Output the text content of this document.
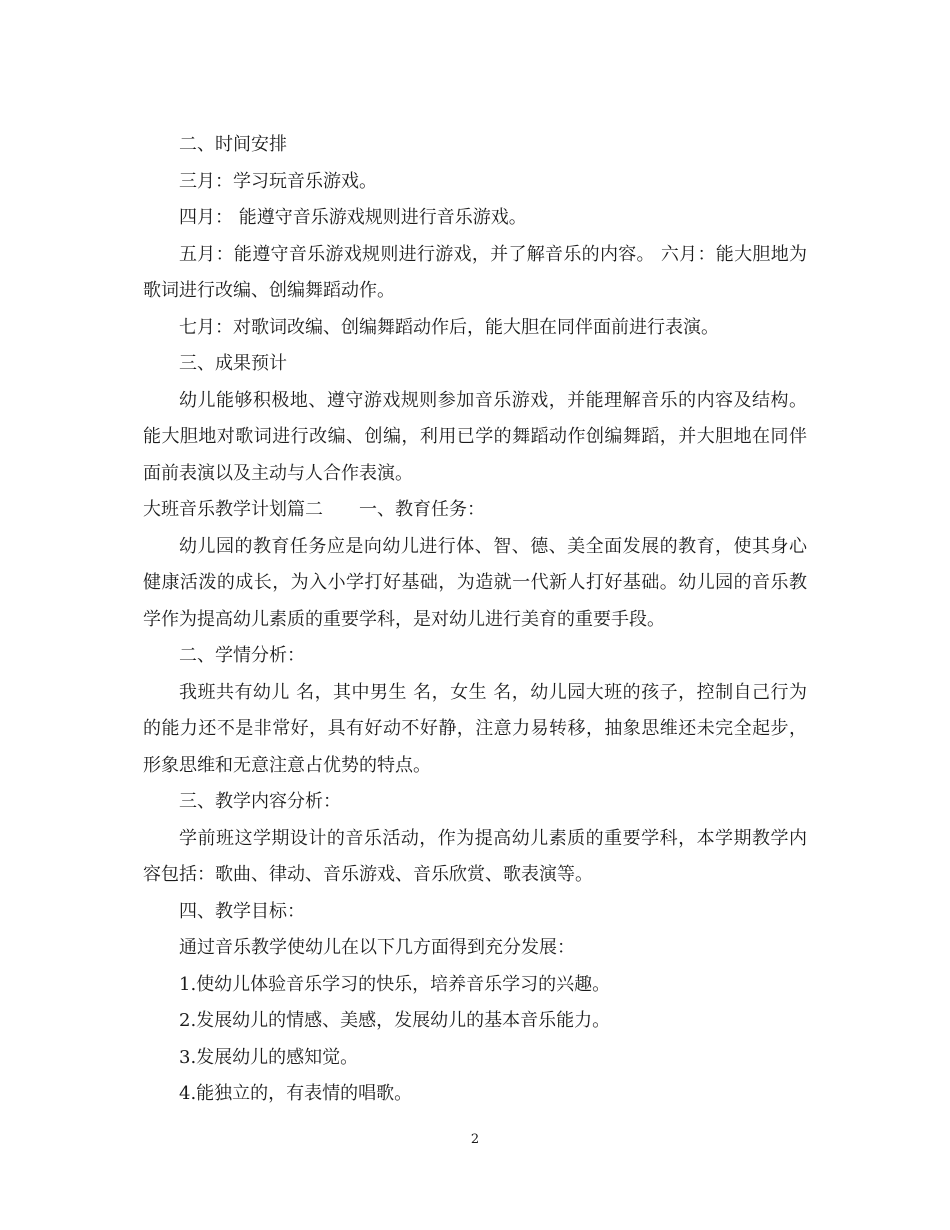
二、时间安排

三月：学习玩音乐游戏。

四月： 能遵守音乐游戏规则进行音乐游戏。

五月：能遵守音乐游戏规则进行游戏，并了解音乐的内容。 六月：能大胆地为歌词进行改编、创编舞蹈动作。

七月：对歌词改编、创编舞蹈动作后，能大胆在同伴面前进行表演。

三、成果预计

幼儿能够积极地、遵守游戏规则参加音乐游戏，并能理解音乐的内容及结构。能大胆地对歌词进行改编、创编，利用已学的舞蹈动作创编舞蹈，并大胆地在同伴面前表演以及主动与人合作表演。

大班音乐教学计划篇二　　一、教育任务：

幼儿园的教育任务应是向幼儿进行体、智、德、美全面发展的教育，使其身心健康活泼的成长，为入小学打好基础，为造就一代新人打好基础。幼儿园的音乐教学作为提高幼儿素质的重要学科，是对幼儿进行美育的重要手段。

二、学情分析：

我班共有幼儿 名，其中男生 名，女生 名，幼儿园大班的孩子，控制自己行为的能力还不是非常好，具有好动不好静，注意力易转移，抽象思维还未完全起步，形象思维和无意注意占优势的特点。

三、教学内容分析：

学前班这学期设计的音乐活动，作为提高幼儿素质的重要学科，本学期教学内容包括：歌曲、律动、音乐游戏、音乐欣赏、歌表演等。

四、教学目标：

通过音乐教学使幼儿在以下几方面得到充分发展：

1.使幼儿体验音乐学习的快乐，培养音乐学习的兴趣。

2.发展幼儿的情感、美感，发展幼儿的基本音乐能力。

3.发展幼儿的感知觉。

4.能独立的，有表情的唱歌。

2
